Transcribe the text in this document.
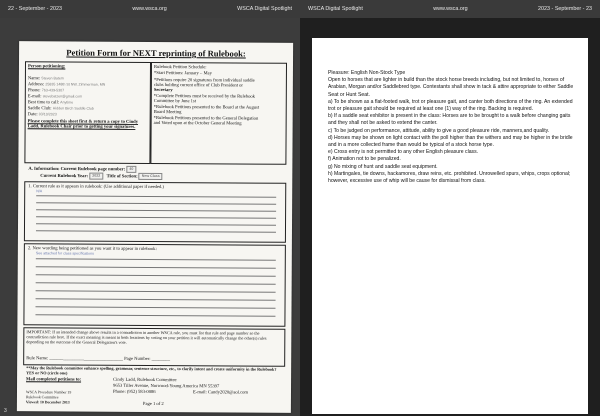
22 - September - 2023	www.wsca.org	WSCA Digital Spotlight	WSCA Digital Spotlight	www.wsca.org	2023 - September - 23
Petition Form for NEXT reprinting of Rulebook:
Person petitioning:
Name: Steven Batem
Address: 25835 148th St NW, Zimmerman, MN
Phone: 763-439-5307
E-mail: stevebatzen@gmail.com
Best time to call: Anytime
Saddle Club: Hidden Birch Saddle Club
Date: 03/10/2023
Please complete this sheet first & return a copy to Cindy Ladd, Rulebook Chair prior to getting your signatures.
Rulebook Petition Schedule:
*Start Petitions: January – May
*Petitions require 20 signatures from individual saddle
clubs holding current office of Club President or
Secretary
*Complete Petitions must be received by the Rulebook
Committee by June 1st
*Rulebook Petitions presented to the Board at the August
Board Meeting
*Rulebook Petitions presented to the General Delegation
and Voted upon at the October General Meeting
A. Information: Current Rulebook page number: 40
Current Rulebook Year: 2022 Title of Section: New Class
1. Current rule as it appears in rulebook: (Use additional paper if needed.)
N/A
2. New wording being petitioned as you want it to appear in rulebook:
See attached for class specifications
IMPORTANT: If an intended change above results in a contradiction in another WSCA rule, you must list that rule and page number so the contradiction rule here. If the exact meaning is meant in both locations by voting on your petition it will automatically change the other(s) rules depending on the outcome of the General Delegation's vote.
Rule Name: ________________________________ Page Number: ________
**May the Rulebook committee enhance spelling, grammar, sentence structure, etc., to clarify intent and create uniformity in the Rulebook? YES or NO (circle one)
Mail completed petitions to:	Cindy Ladd, Rulebook Committee
9653 Tiller Avenue, Norwood-Young America MN 55397
Phone: (952) 583-0086	E-mail: Candy2020@aol.com
WSCA Procedure Number 19
Rulebook Committee
Viewed: 10 December 2013	Page 1 of 2
3

Pleasure: English Non-Stock Type

Open to horses that are lighter in build than the stock horse breeds including, but not limited to, horses of Arabian, Morgan and/or Saddlebred type. Contestants shall show in tack & attire appropriate to either Saddle Seat or Hunt Seat.

a) To be shown as a flat-footed walk, trot or pleasure gait, and canter both directions of the ring. An extended trot or pleasure gait should be required at least one (1) way of the ring. Backing is required.

b) If a saddle seat exhibitor is present in the class: Horses are to be brought to a walk before changing gaits and they shall not be asked to extend the canter.

c) To be judged on performance, attitude, ability to give a good pleasure ride, manners,and quality.

d) Horses may be shown on light contact with the poll higher than the withers and may be higher in the bridle and in a more collected frame than would be typical of a stock horse type.

e) Cross entry is not permitted to any other English pleasure class.

f) Animation not to be penalized.

g) No mixing of hunt and saddle seat equipment.

h) Martingales, tie downs, hackamores, draw reins, etc. prohibited. Unrowelled spurs, whips, crops optional; however, excessive use of whip will be cause for dismissal from class.
